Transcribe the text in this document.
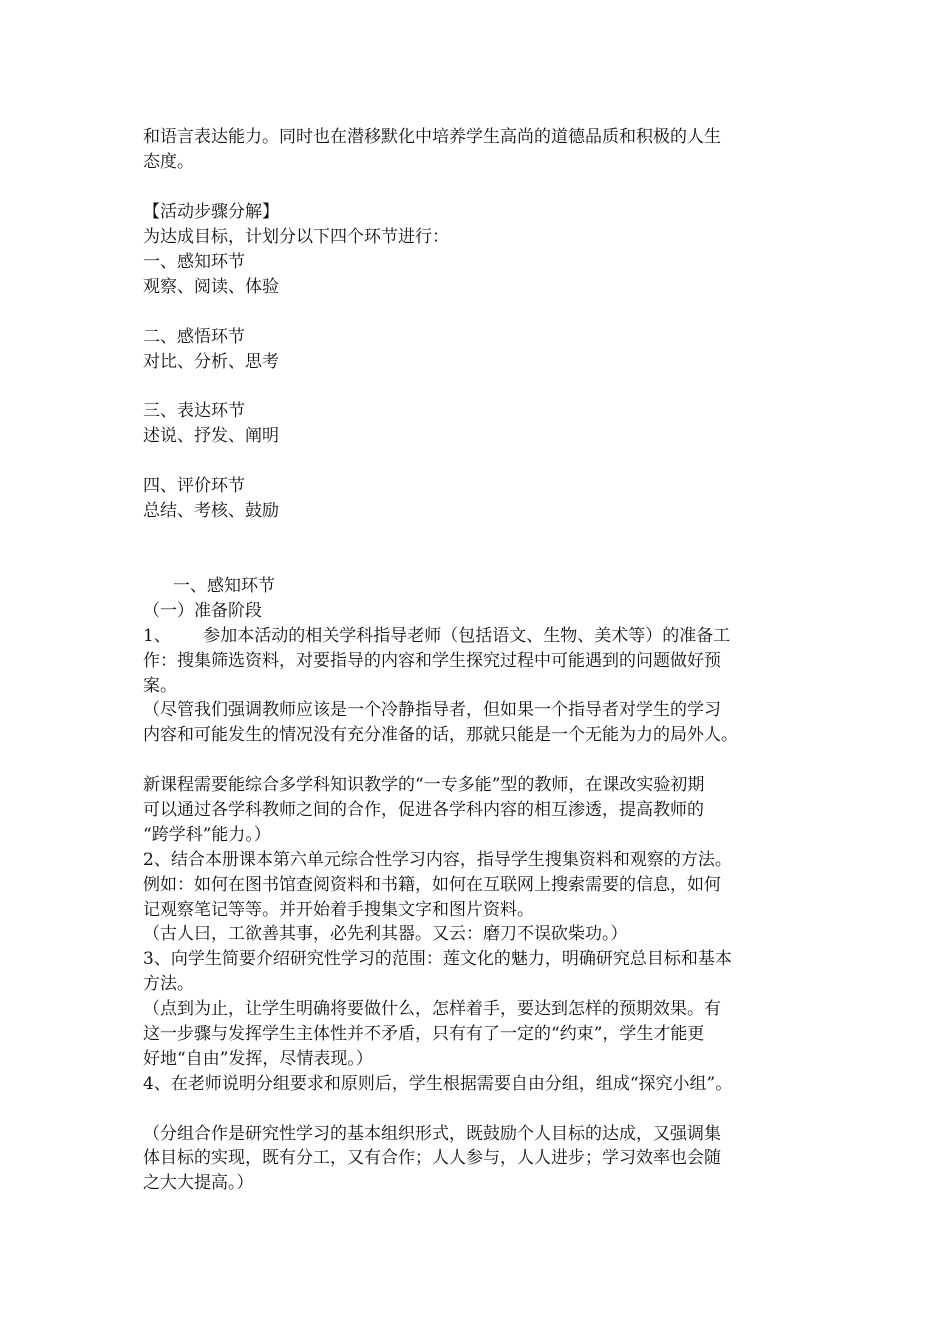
和语言表达能力。同时也在潜移默化中培养学生高尚的道德品质和积极的人生
态度。
【活动步骤分解】
为达成目标，计划分以下四个环节进行：
一、感知环节
观察、阅读、体验
二、感悟环节
对比、分析、思考
三、表达环节
述说、抒发、阐明
四、评价环节
总结、考核、鼓励
一、感知环节
（一）准备阶段
1、      参加本活动的相关学科指导老师（包括语文、生物、美术等）的准备工
作：搜集筛选资料，对要指导的内容和学生探究过程中可能遇到的问题做好预
案。
（尽管我们强调教师应该是一个冷静指导者，但如果一个指导者对学生的学习
内容和可能发生的情况没有充分准备的话，那就只能是一个无能为力的局外人。
新课程需要能综合多学科知识教学的“一专多能”型的教师，在课改实验初期
可以通过各学科教师之间的合作，促进各学科内容的相互渗透，提高教师的
“跨学科”能力。）
2、结合本册课本第六单元综合性学习内容，指导学生搜集资料和观察的方法。
例如：如何在图书馆查阅资料和书籍，如何在互联网上搜索需要的信息，如何
记观察笔记等等。并开始着手搜集文字和图片资料。
（古人曰，工欲善其事，必先利其器。又云：磨刀不误砍柴功。）
3、向学生简要介绍研究性学习的范围：莲文化的魅力，明确研究总目标和基本
方法。
（点到为止，让学生明确将要做什么，怎样着手，要达到怎样的预期效果。有
这一步骤与发挥学生主体性并不矛盾，只有有了一定的“约束”，学生才能更
好地“自由”发挥，尽情表现。）
4、在老师说明分组要求和原则后，学生根据需要自由分组，组成“探究小组”。
（分组合作是研究性学习的基本组织形式，既鼓励个人目标的达成，又强调集
体目标的实现，既有分工，又有合作；人人参与，人人进步；学习效率也会随
之大大提高。）
